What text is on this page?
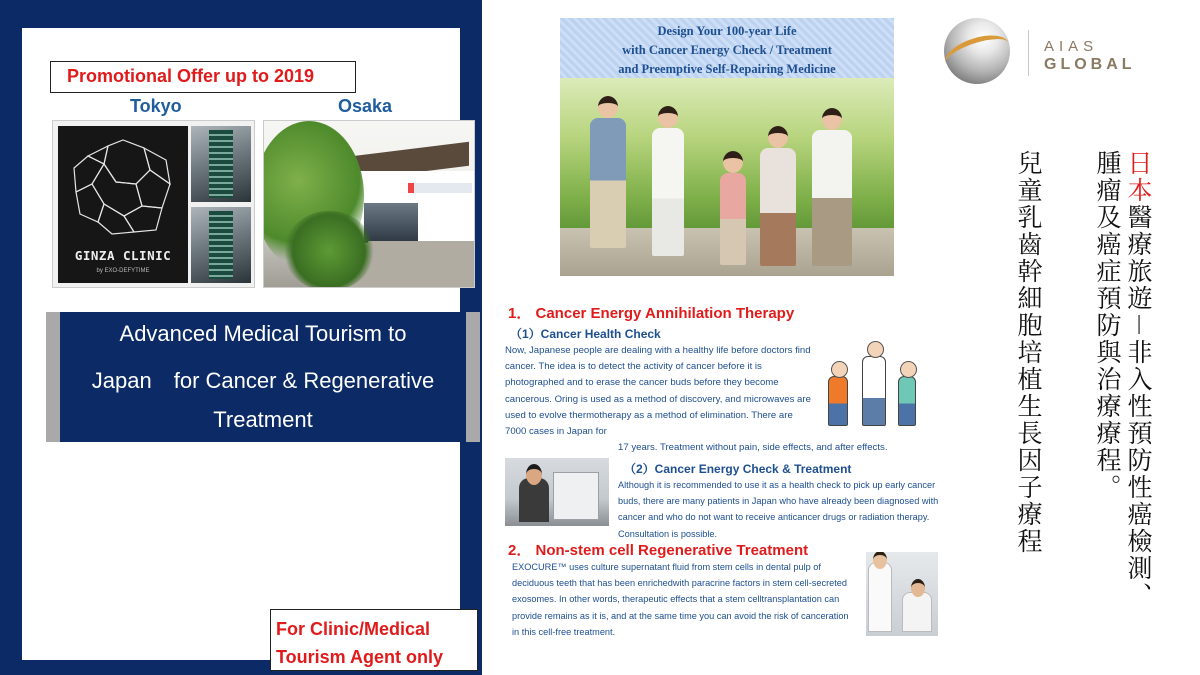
Promotional Offer up to 2019
Tokyo	Osaka
GINZA CLINIC
by EXO-DEFYTIME
Advanced Medical Tourism to
Japan　for Cancer & Regenerative
Treatment
For Clinic/Medical
Tourism Agent only
Design Your 100-year Life
with Cancer Energy Check / Treatment
and Preemptive Self-Repairing Medicine
1． Cancer Energy Annihilation Therapy
（1）Cancer Health Check
Now, Japanese people are dealing with a healthy life before doctors find cancer. The idea is to detect the activity of cancer before it is photographed and to erase the cancer buds before they become cancerous. Oring is used as a method of discovery, and microwaves are used to evolve thermotherapy as a method of elimination. There are 7000 cases in Japan for
17 years. Treatment without pain, side effects, and after effects.
（2）Cancer Energy Check & Treatment
Although it is recommended to use it as a health check to pick up early cancer buds, there are many patients in Japan who have already been diagnosed with cancer and who do not want to receive anticancer drugs or radiation therapy. Consultation is possible.
2． Non-stem cell Regenerative Treatment
EXOCURE™ uses culture supernatant fluid from stem cells in dental pulp of deciduous teeth that has been enrichedwith paracrine factors in stem cell-secreted exosomes. In other words, therapeutic effects that a stem celltransplantation can provide remains as it is, and at the same time you can avoid the risk of canceration in this cell-free treatment.
AIAS
GLOBAL
日本醫療旅遊－非入性預防性癌檢測、腫瘤及癌症預防與治療療程。
兒童乳齒幹細胞培植生長因子療程
